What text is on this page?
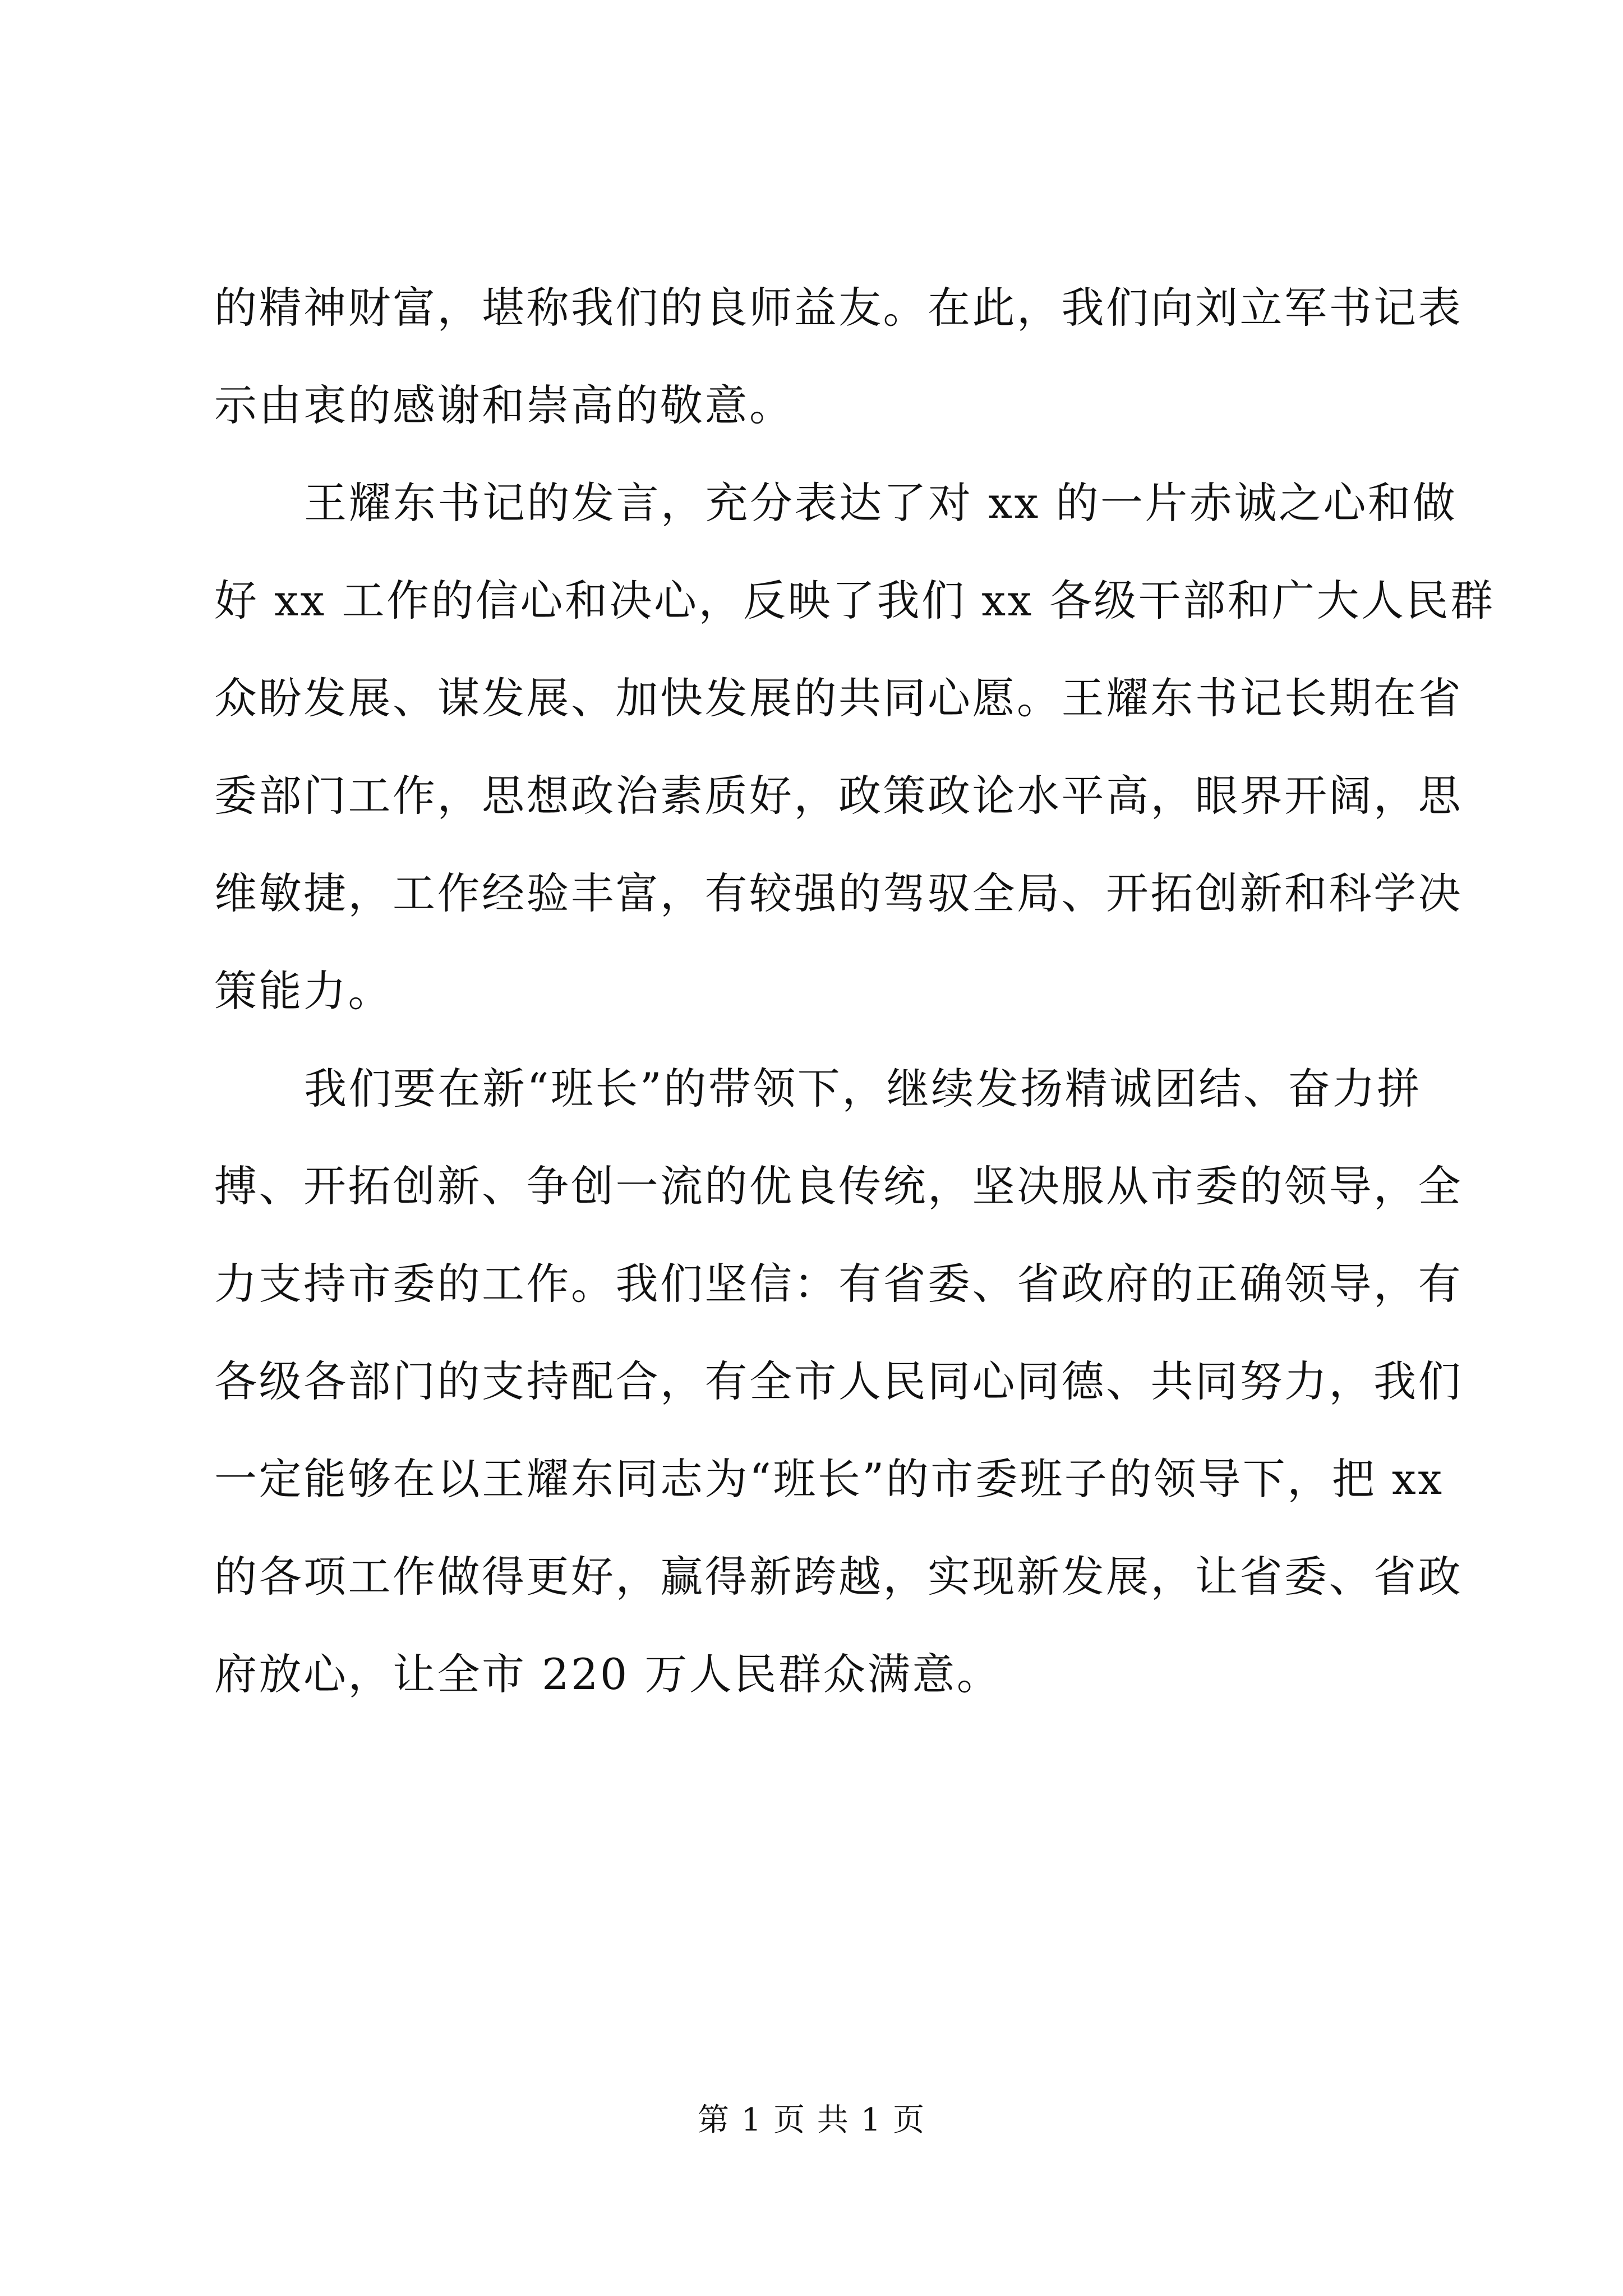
的精神财富，堪称我们的良师益友。在此，我们向刘立军书记表
示由衷的感谢和崇高的敬意。
王耀东书记的发言，充分表达了对 xx 的一片赤诚之心和做
好 xx 工作的信心和决心，反映了我们 xx 各级干部和广大人民群
众盼发展、谋发展、加快发展的共同心愿。王耀东书记长期在省
委部门工作，思想政治素质好，政策政论水平高，眼界开阔，思
维敏捷，工作经验丰富，有较强的驾驭全局、开拓创新和科学决
策能力。
我们要在新“班长”的带领下，继续发扬精诚团结、奋力拼
搏、开拓创新、争创一流的优良传统，坚决服从市委的领导，全
力支持市委的工作。我们坚信：有省委、省政府的正确领导，有
各级各部门的支持配合，有全市人民同心同德、共同努力，我们
一定能够在以王耀东同志为“班长”的市委班子的领导下，把 xx
的各项工作做得更好，赢得新跨越，实现新发展，让省委、省政
府放心，让全市 220 万人民群众满意。
第 1 页 共 1 页
